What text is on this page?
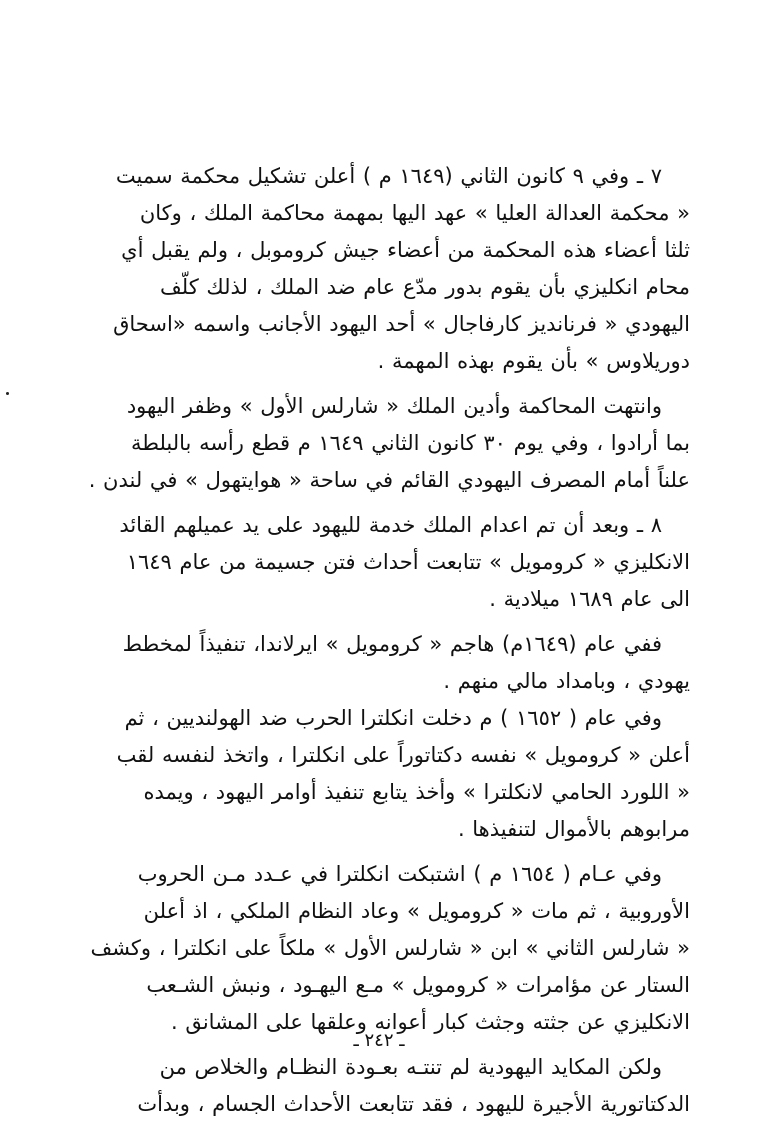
٧ ـ وفي ٩ كانون الثاني (١٦٤٩ م ) أعلن تشكيل محكمة سميت
« محكمة العدالة العليا » عهد اليها بمهمة محاكمة الملك ، وكان
ثلثا أعضاء هذه المحكمة من أعضاء جيش كروموبل ، ولم يقبل أي
محام انكليزي بأن يقوم بدور مدّع عام ضد الملك ، لذلك كلّف
اليهودي « فرنانديز كارفاجال » أحد اليهود الأجانب واسمه «اسحاق
دوريلاوس » بأن يقوم بهذه المهمة .
وانتهت المحاكمة وأدين الملك « شارلس الأول » وظفر اليهود
بما أرادوا ، وفي يوم ٣٠ كانون الثاني ١٦٤٩ م قطع رأسه بالبلطة
علناً أمام المصرف اليهودي القائم في ساحة « هوايتهول » في لندن .
٨ ـ وبعد أن تم اعدام الملك خدمة لليهود على يد عميلهم القائد
الانكليزي « كرومويل » تتابعت أحداث فتن جسيمة من عام ١٦٤٩
الى عام ١٦٨٩ ميلادية .
ففي عام (١٦٤٩م) هاجم « كرومويل » ايرلاندا، تنفيذاً لمخطط
يهودي ، وبامداد مالي منهم .
وفي عام ( ١٦٥٢ ) م دخلت انكلترا الحرب ضد الهولنديين ، ثم
أعلن « كرومويل » نفسه دكتاتوراً على انكلترا ، واتخذ لنفسه لقب
« اللورد الحامي لانكلترا » وأخذ يتابع تنفيذ أوامر اليهود ، ويمده
مرابوهم بالأموال لتنفيذها .
وفي عـام ( ١٦٥٤ م ) اشتبكت انكلترا في عـدد مـن الحروب
الأوروبية ، ثم مات « كرومويل » وعاد النظام الملكي ، اذ أعلن
« شارلس الثاني » ابن « شارلس الأول » ملكاً على انكلترا ، وكشف
الستار عن مؤامرات « كرومويل » مـع اليهـود ، ونبش الشـعب
الانكليزي عن جثته وجثث كبار أعوانه وعلقها على المشانق .
ولكن المكايد اليهودية لم تنتـه بعـودة النظـام والخلاص من
الدكتاتورية الأجيرة لليهود ، فقد تتابعت الأحداث الجسام ، وبدأت
ـ ٢٤٢ ـ
